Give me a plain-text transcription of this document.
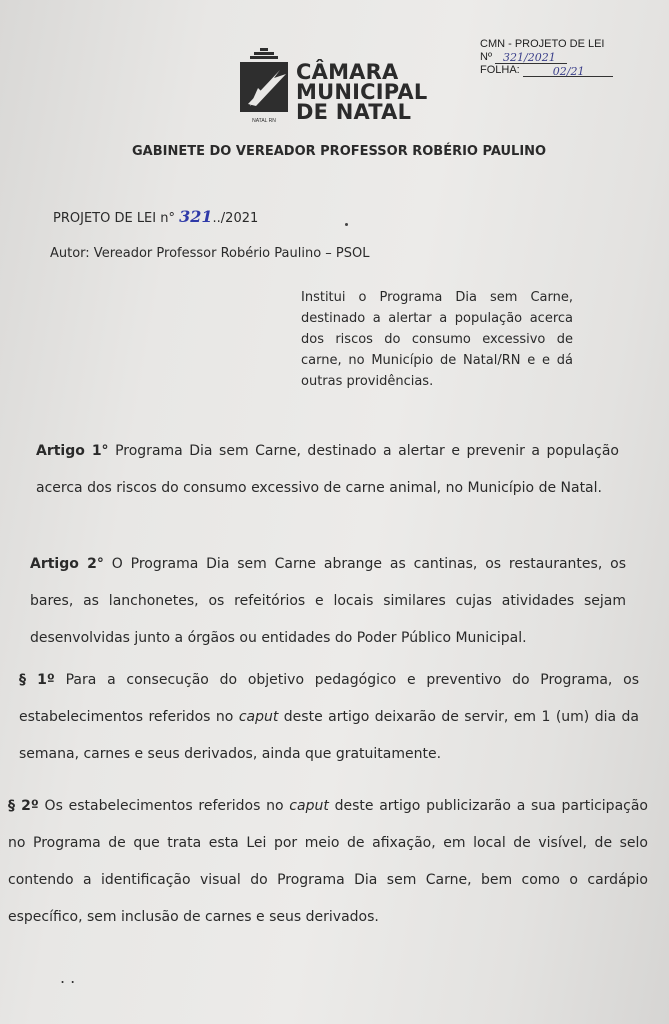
NATAL RN
CÂMARA
MUNICIPAL
DE NATAL
CMN - PROJETO DE LEI
Nº 321/2021
FOLHA:	02/21
GABINETE DO VEREADOR PROFESSOR ROBÉRIO PAULINO
PROJETO DE LEI n° 321../2021
Autor: Vereador Professor Robério Paulino – PSOL
Institui o Programa Dia sem Carne, destinado a alertar a população acerca dos riscos do consumo excessivo de carne, no Município de Natal/RN e e dá outras providências.
Artigo 1° Programa Dia sem Carne, destinado a alertar e prevenir a população acerca dos riscos do consumo excessivo de carne animal, no Município de Natal.
Artigo 2° O Programa Dia sem Carne abrange as cantinas, os restaurantes, os bares, as lanchonetes, os refeitórios e locais similares cujas atividades sejam desenvolvidas junto a órgãos ou entidades do Poder Público Municipal.
§ 1º Para a consecução do objetivo pedagógico e preventivo do Programa, os estabelecimentos referidos no caput deste artigo deixarão de servir, em 1 (um) dia da semana, carnes e seus derivados, ainda que gratuitamente.
§ 2º Os estabelecimentos referidos no caput deste artigo publicizarão a sua participação no Programa de que trata esta Lei por meio de afixação, em local de visível, de selo contendo a identificação visual do Programa Dia sem Carne, bem como o cardápio específico, sem inclusão de carnes e seus derivados.
. .
